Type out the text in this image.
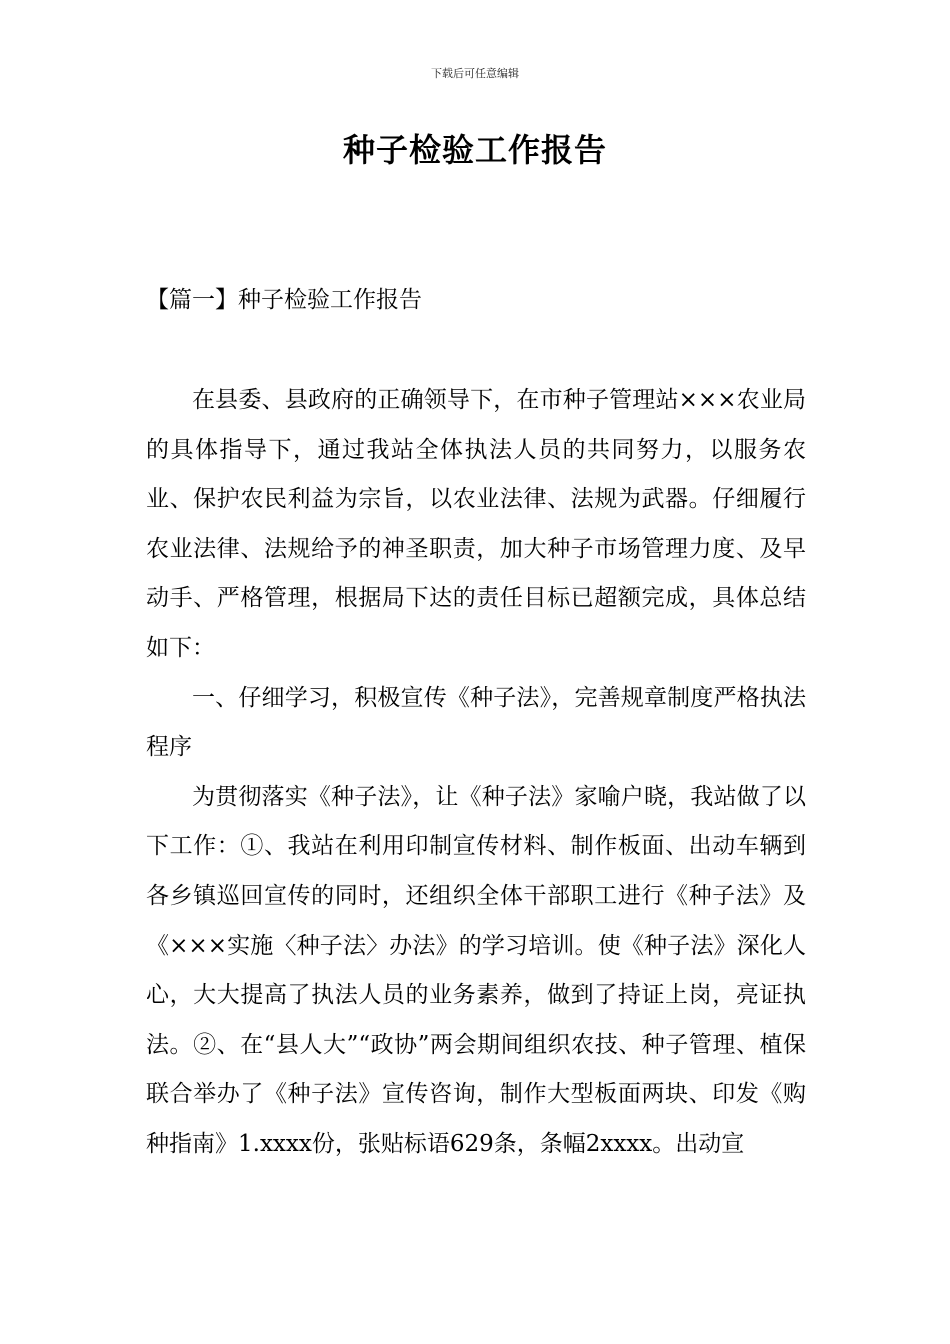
下载后可任意编辑
种子检验工作报告
【篇一】种子检验工作报告

在县委、县政府的正确领导下，在市种子管理站×××农业局的具体指导下，通过我站全体执法人员的共同努力，以服务农业、保护农民利益为宗旨，以农业法律、法规为武器。仔细履行农业法律、法规给予的神圣职责，加大种子市场管理力度、及早动手、严格管理，根据局下达的责任目标已超额完成，具体总结如下：

一、仔细学习，积极宣传《种子法》，完善规章制度严格执法程序

为贯彻落实《种子法》，让《种子法》家喻户晓，我站做了以下工作：①、我站在利用印制宣传材料、制作板面、出动车辆到各乡镇巡回宣传的同时，还组织全体干部职工进行《种子法》及《×××实施〈种子法〉办法》的学习培训。使《种子法》深化人心，大大提高了执法人员的业务素养，做到了持证上岗，亮证执法。②、在“县人大”“政协”两会期间组织农技、种子管理、植保联合举办了《种子法》宣传咨询，制作大型板面两块、印发《购种指南》1.xxxx份，张贴标语629条，条幅2xxxx。出动宣
